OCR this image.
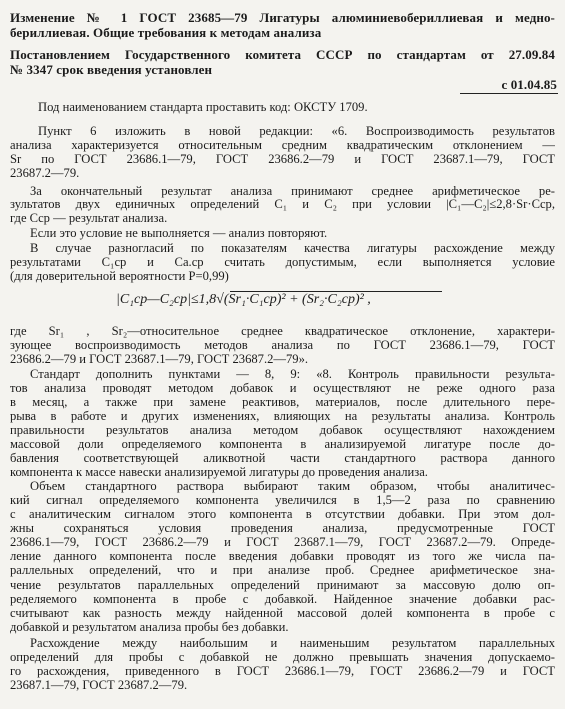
Изменение № 1 ГОСТ 23685—79 Лигатуры алюминиевобериллиевая и медно-
бериллиевая. Общие требования к методам анализа
Постановлением Государственного комитета СССР по стандартам от 27.09.84
№ 3347 срок введения установлен
с 01.04.85
Под наименованием стандарта проставить код: ОКСТУ 1709.
Пункт 6 изложить в новой редакции: «6. Воспроизводимость результатов
анализа характеризуется относительным средним квадратическим отклонением —
Sr по ГОСТ 23686.1—79, ГОСТ 23686.2—79 и ГОСТ 23687.1—79, ГОСТ
23687.2—79.
За окончательный результат анализа принимают среднее арифметическое ре-
зультатов двух единичных определений C₁ и C₂ при условии |C₁—C₂|≤2,8·Sr·Cср,
где Cср — результат анализа.
Если это условие не выполняется — анализ повторяют.
В случае разногласий по показателям качества лигатуры расхождение между
результатами C₁ср и Cа.ср считать допустимым, если выполняется условие
(для доверительной вероятности P=0,99)
где Sr₁ , Sr₂—относительное среднее квадратическое отклонение, характери-
зующее воспроизводимость методов анализа по ГОСТ 23686.1—79, ГОСТ
23686.2—79 и ГОСТ 23687.1—79, ГОСТ 23687.2—79».
Стандарт дополнить пунктами — 8, 9: «8. Контроль правильности результа-
тов анализа проводят методом добавок и осуществляют не реже одного раза
в месяц, а также при замене реактивов, материалов, после длительного пере-
рыва в работе и других изменениях, влияющих на результаты анализа. Контроль
правильности результатов анализа методом добавок осуществляют нахождением
массовой доли определяемого компонента в анализируемой лигатуре после до-
бавления соответствующей аликвотной части стандартного раствора данного
компонента к массе навески анализируемой лигатуры до проведения анализа.
Объем стандартного раствора выбирают таким образом, чтобы аналитичес-
кий сигнал определяемого компонента увеличился в 1,5—2 раза по сравнению
с аналитическим сигналом этого компонента в отсутствии добавки. При этом дол-
жны сохраняться условия проведения анализа, предусмотренные ГОСТ
23686.1—79, ГОСТ 23686.2—79 и ГОСТ 23687.1—79, ГОСТ 23687.2—79. Опреде-
ление данного компонента после введения добавки проводят из того же числа па-
раллельных определений, что и при анализе проб. Среднее арифметическое зна-
чение результатов параллельных определений принимают за массовую долю оп-
ределяемого компонента в пробе с добавкой. Найденное значение добавки рас-
считывают как разность между найденной массовой долей компонента в пробе с
добавкой и результатом анализа пробы без добавки.
Расхождение между наибольшим и наименьшим результатом параллельных
определений для пробы с добавкой не должно превышать значения допускаемо-
го расхождения, приведенного в ГОСТ 23686.1—79, ГОСТ 23686.2—79 и ГОСТ
23687.1—79, ГОСТ 23687.2—79.
|C₁ср—C₂ср|≤1,8√(Sr₁·C₁ср)² + (Sr₂·C₂ср)² ,
